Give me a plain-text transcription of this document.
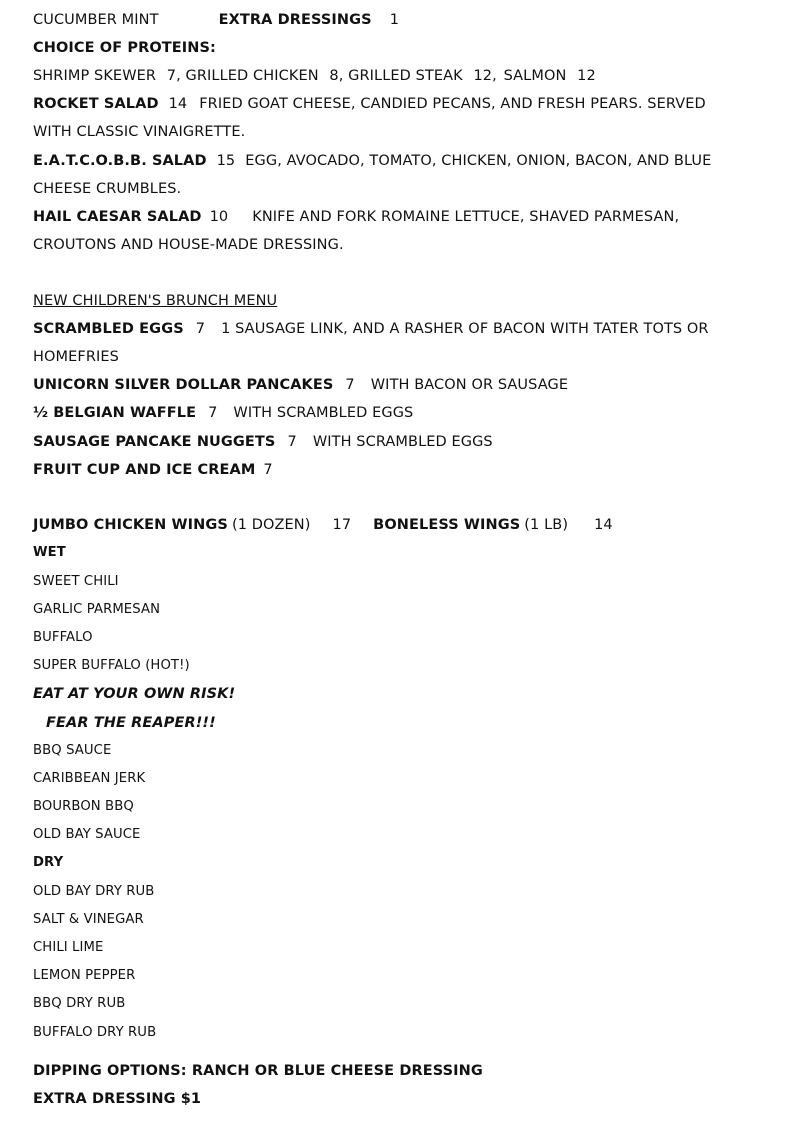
CUCUMBER MINT	EXTRA DRESSINGS 1
CHOICE OF PROTEINS:
SHRIMP SKEWER 7, GRILLED CHICKEN 8, GRILLED STEAK 12, SALMON 12
ROCKET SALAD 14 FRIED GOAT CHEESE, CANDIED PECANS, AND FRESH PEARS. SERVED
WITH CLASSIC VINAIGRETTE.
E.A.T.C.O.B.B. SALAD 15 EGG, AVOCADO, TOMATO, CHICKEN, ONION, BACON, AND BLUE
CHEESE CRUMBLES.
HAIL CAESAR SALAD 10 KNIFE AND FORK ROMAINE LETTUCE, SHAVED PARMESAN,
CROUTONS AND HOUSE-MADE DRESSING.
NEW CHILDREN'S BRUNCH MENU
SCRAMBLED EGGS 7 1 SAUSAGE LINK, AND A RASHER OF BACON WITH TATER TOTS OR
HOMEFRIES
UNICORN SILVER DOLLAR PANCAKES 7 WITH BACON OR SAUSAGE
½ BELGIAN WAFFLE 7 WITH SCRAMBLED EGGS
SAUSAGE PANCAKE NUGGETS 7 WITH SCRAMBLED EGGS
FRUIT CUP AND ICE CREAM 7
JUMBO CHICKEN WINGS (1 DOZEN) 17 BONELESS WINGS (1 LB) 14
WET
SWEET CHILI
GARLIC PARMESAN
BUFFALO
SUPER BUFFALO (HOT!)
EAT AT YOUR OWN RISK!
FEAR THE REAPER!!!
BBQ SAUCE
CARIBBEAN JERK
BOURBON BBQ
OLD BAY SAUCE
DRY
OLD BAY DRY RUB
SALT & VINEGAR
CHILI LIME
LEMON PEPPER
BBQ DRY RUB
BUFFALO DRY RUB
DIPPING OPTIONS: RANCH OR BLUE CHEESE DRESSING
EXTRA DRESSING $1
